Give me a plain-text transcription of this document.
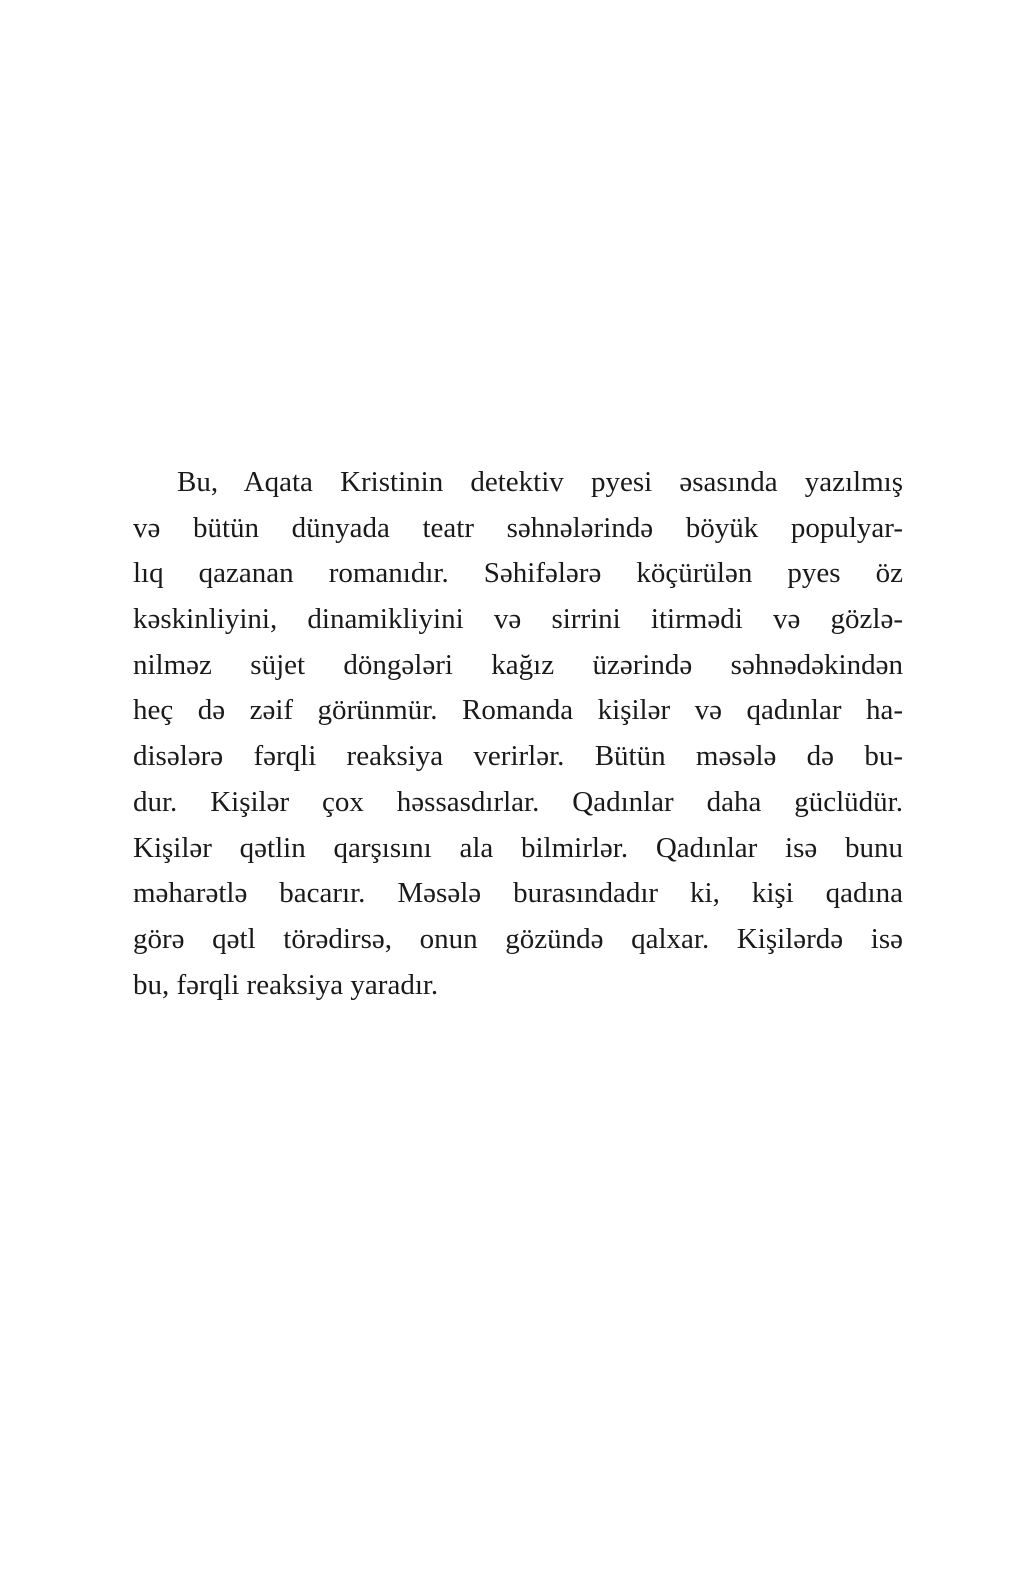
Bu, Aqata Kristinin detektiv pyesi əsasında yazılmış
və bütün dünyada teatr səhnələrində böyük populyar-
lıq qazanan romanıdır. Səhifələrə köçürülən pyes öz
kəskinliyini, dinamikliyini və sirrini itirmədi və gözlə-
nilməz süjet döngələri kağız üzərində səhnədəkindən
heç də zəif görünmür. Romanda kişilər və qadınlar ha-
disələrə fərqli reaksiya verirlər. Bütün məsələ də bu-
dur. Kişilər çox həssasdırlar. Qadınlar daha güclüdür.
Kişilər qətlin qarşısını ala bilmirlər. Qadınlar isə bunu
məharətlə bacarır. Məsələ burasındadır ki, kişi qadına
görə qətl törədirsə, onun gözündə qalxar. Kişilərdə isə
bu, fərqli reaksiya yaradır.
